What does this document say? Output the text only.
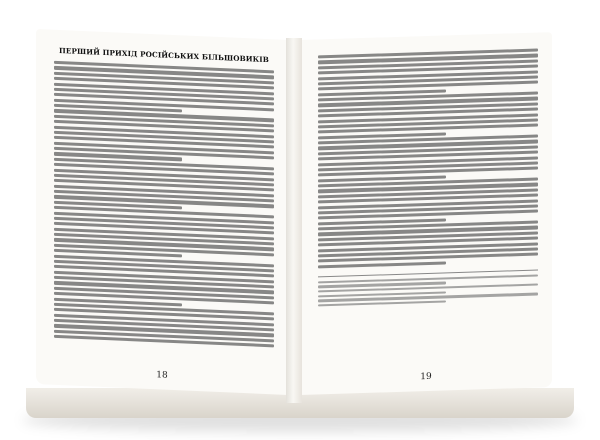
ПЕРШИЙ ПРИХІД РОСІЙСЬКИХ БІЛЬШОВИКІВ
18	19
